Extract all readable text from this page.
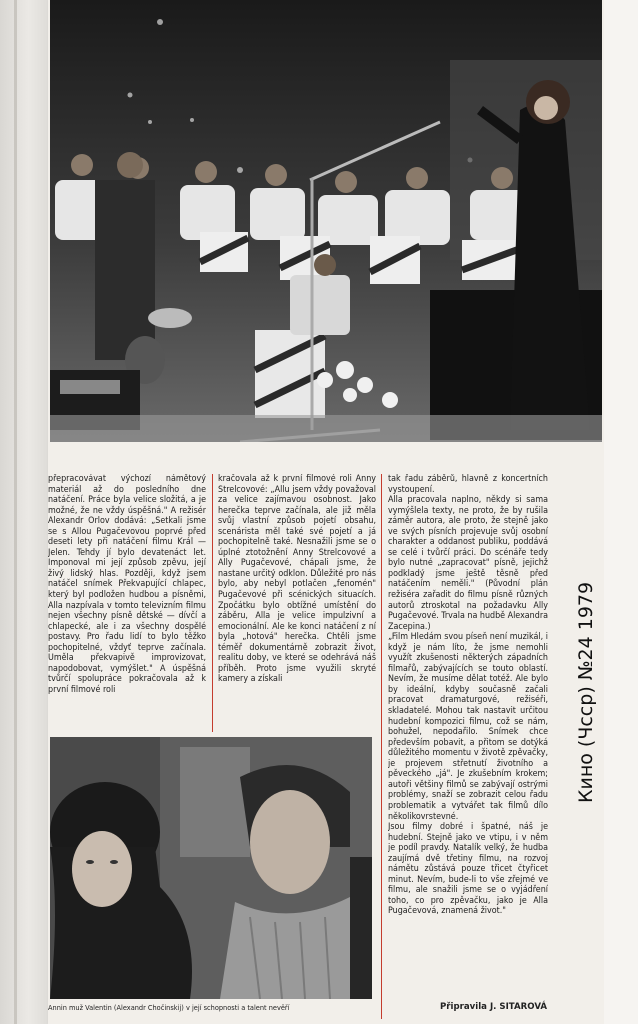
přepracovávat výchozí námětový materiál až do posledního dne natáčení. Práce byla velice složitá, a je možné, že ne vždy úspěšná." A režisér Alexandr Orlov dodává: „Setkali jsme se s Allou Pugačevovou poprvé před deseti lety při natáčení filmu Král — Jelen. Tehdy jí bylo devatenáct let. Imponoval mi její způsob zpěvu, její živý lidský hlas. Později, když jsem natáčel snímek Překvapující chlapec, který byl podložen hudbou a písněmi, Alla nazpívala v tomto televizním filmu nejen všechny písně dětské — dívčí a chlapecké, ale i za všechny dospělé postavy. Pro řadu lidí to bylo těžko pochopitelné, vždyť teprve začínala. Uměla překvapivě improvizovat, napodobovat, vymýšlet." A úspěšná tvůrčí spolupráce pokračovala až k první filmové roli
kračovala až k první filmové roli Anny Strelcovové: „Allu jsem vždy považoval za velice zajímavou osobnost. Jako herečka teprve začínala, ale již měla svůj vlastní způsob pojetí obsahu, scenárista měl také své pojetí a já pochopitelně také. Nesnažili jsme se o úplné ztotožnění Anny Strelcovové a Ally Pugačevové, chápali jsme, že nastane určitý odklon. Důležité pro nás bylo, aby nebyl potlačen „fenomén" Pugačevové při scénických situacích. Zpočátku bylo obtížné umístění do záběru, Alla je velice impulzivní a emocionální. Ale ke konci natáčení z ní byla „hotová" herečka. Chtěli jsme téměř dokumentárně zobrazit život, realitu doby, ve které se odehrává náš příběh. Proto jsme využili skryté kamery a získali
tak řadu záběrů, hlavně z koncertních vystoupení.
Alla pracovala naplno, někdy si sama vymýšlela texty, ne proto, že by rušila záměr autora, ale proto, že stejně jako ve svých písních projevuje svůj osobní charakter a oddanost publiku, poddává se celé i tvůrčí práci. Do scénáře tedy bylo nutné „zapracovat" písně, jejichž podkladý jsme ještě těsně před natáčením neměli." (Původní plán režiséra zařadit do filmu písně různých autorů ztroskotal na požadavku Ally Pugačevové. Trvala na hudbě Alexandra Zacepina.)
„Film Hledám svou píseň není muzikál, i když je nám líto, že jsme nemohli využít zkušenosti některých západních filmařů, zabývajících se touto oblastí. Nevím, že musíme dělat totéž. Ale bylo by ideální, kdyby současně začali pracovat dramaturgové, režiséři, skladatelé. Mohou tak nastavit určitou hudební kompozici filmu, což se nám, bohužel, nepodařilo. Snímek chce především pobavit, a přitom se dotýká důležitého momentu v životě zpěvačky, je projevem střetnutí životního a pěveckého „já". Je zkušebním krokem; autoři většiny filmů se zabývají ostrými problémy, snaží se zobrazit celou řadu problematik a vytvářet tak filmů dílo několikovrstevné.
Jsou filmy dobré i špatné, náš je hudební. Stejně jako ve vtipu, i v něm je podíl pravdy. Natalík velký, že hudba zaujímá dvě třetiny filmu, na rozvoj námětu zůstává pouze třicet čtyřicet minut. Nevím, bude-li to vše zřejmé ve filmu, ale snažili jsme se o vyjádření toho, co pro zpěvačku, jako je Alla Pugačevová, znamená život."
Annin muž Valentin (Alexandr Chočinskij) v její schopnosti a talent nevěří	Připravila J. SITAROVÁ
Кино (Чсср) №24 1979
